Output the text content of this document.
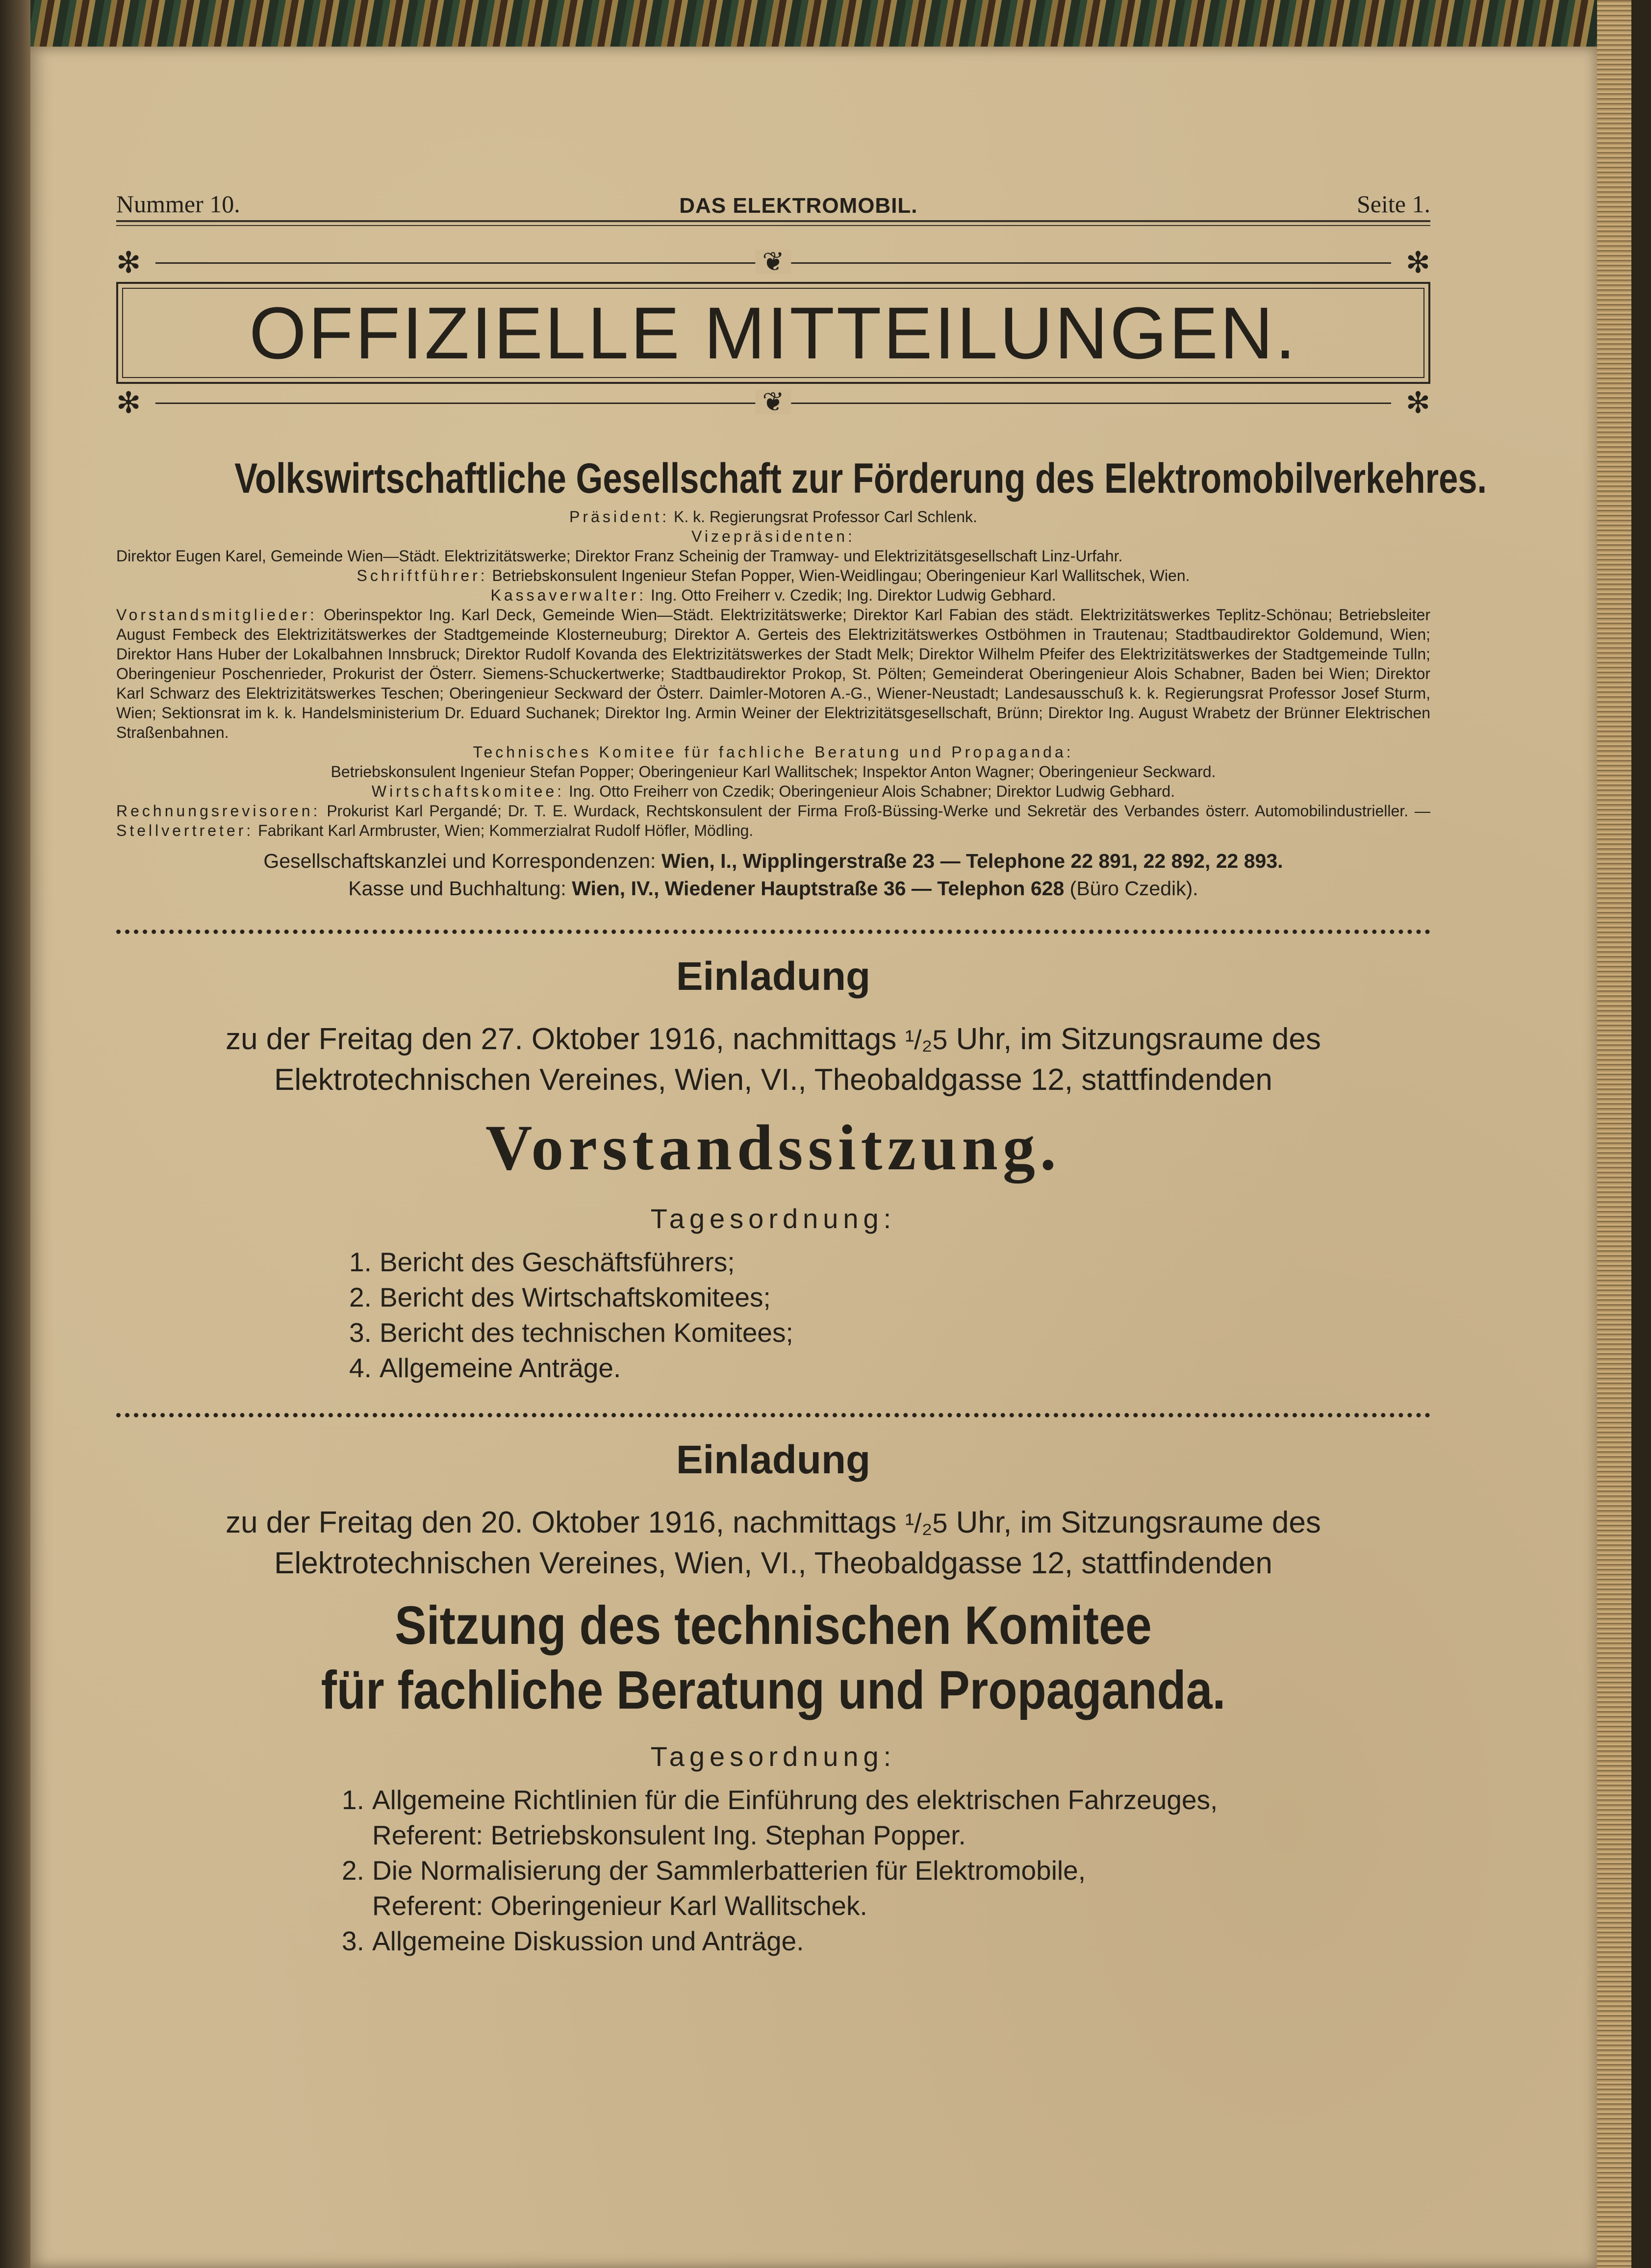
Nummer 10.	DAS ELEKTROMOBIL.	Seite 1.
✻	❦	✻
OFFIZIELLE MITTEILUNGEN.
✻	❦	✻
Volkswirtschaftliche Gesellschaft zur Förderung des Elektromobilverkehres.
Präsident: K. k. Regierungsrat Professor Carl Schlenk.
Vizepräsidenten:
Direktor Eugen Karel, Gemeinde Wien—Städt. Elektrizitätswerke; Direktor Franz Scheinig der Tramway- und Elektrizitätsgesellschaft Linz-Urfahr.
Schriftführer: Betriebskonsulent Ingenieur Stefan Popper, Wien-Weidlingau; Oberingenieur Karl Wallitschek, Wien.
Kassaverwalter: Ing. Otto Freiherr v. Czedik; Ing. Direktor Ludwig Gebhard.
Vorstandsmitglieder: Oberinspektor Ing. Karl Deck, Gemeinde Wien—Städt. Elektrizitätswerke; Direktor Karl Fabian des städt. Elektrizitätswerkes Teplitz-Schönau; Betriebsleiter August Fembeck des Elektrizitätswerkes der Stadtgemeinde Klosterneuburg; Direktor A. Gerteis des Elektrizitätswerkes Ostböhmen in Trautenau; Stadtbaudirektor Goldemund, Wien; Direktor Hans Huber der Lokalbahnen Innsbruck; Direktor Rudolf Kovanda des Elektrizitätswerkes der Stadt Melk; Direktor Wilhelm Pfeifer des Elektrizitätswerkes der Stadtgemeinde Tulln; Oberingenieur Poschenrieder, Prokurist der Österr. Siemens-Schuckertwerke; Stadtbaudirektor Prokop, St. Pölten; Gemeinderat Oberingenieur Alois Schabner, Baden bei Wien; Direktor Karl Schwarz des Elektrizitätswerkes Teschen; Oberingenieur Seckward der Österr. Daimler-Motoren A.-G., Wiener-Neustadt; Landesausschuß k. k. Regierungsrat Professor Josef Sturm, Wien; Sektionsrat im k. k. Handelsministerium Dr. Eduard Suchanek; Direktor Ing. Armin Weiner der Elektrizitätsgesellschaft, Brünn; Direktor Ing. August Wrabetz der Brünner Elektrischen Straßenbahnen.
Technisches Komitee für fachliche Beratung und Propaganda:
Betriebskonsulent Ingenieur Stefan Popper; Oberingenieur Karl Wallitschek; Inspektor Anton Wagner; Oberingenieur Seckward.
Wirtschaftskomitee: Ing. Otto Freiherr von Czedik; Oberingenieur Alois Schabner; Direktor Ludwig Gebhard.
Rechnungsrevisoren: Prokurist Karl Pergandé; Dr. T. E. Wurdack, Rechtskonsulent der Firma Froß-Büssing-Werke und Sekretär des Verbandes österr. Automobilindustrieller. — Stellvertreter: Fabrikant Karl Armbruster, Wien; Kommerzialrat Rudolf Höfler, Mödling.
Gesellschaftskanzlei und Korrespondenzen: Wien, I., Wipplingerstraße 23 — Telephone 22 891, 22 892, 22 893.
Kasse und Buchhaltung: Wien, IV., Wiedener Hauptstraße 36 — Telephon 628 (Büro Czedik).
Einladung
zu der Freitag den 27. Oktober 1916, nachmittags ¹/₂5 Uhr, im Sitzungsraume des
Elektrotechnischen Vereines, Wien, VI., Theobaldgasse 12, stattfindenden
Vorstandssitzung.
Tagesordnung:
1. Bericht des Geschäftsführers;
2. Bericht des Wirtschaftskomitees;
3. Bericht des technischen Komitees;
4. Allgemeine Anträge.
Einladung
zu der Freitag den 20. Oktober 1916, nachmittags ¹/₂5 Uhr, im Sitzungsraume des
Elektrotechnischen Vereines, Wien, VI., Theobaldgasse 12, stattfindenden
Sitzung des technischen Komitee
für fachliche Beratung und Propaganda.
Tagesordnung:
1. Allgemeine Richtlinien für die Einführung des elektrischen Fahrzeuges,
Referent: Betriebskonsulent Ing. Stephan Popper.
2. Die Normalisierung der Sammlerbatterien für Elektromobile,
Referent: Oberingenieur Karl Wallitschek.
3. Allgemeine Diskussion und Anträge.
